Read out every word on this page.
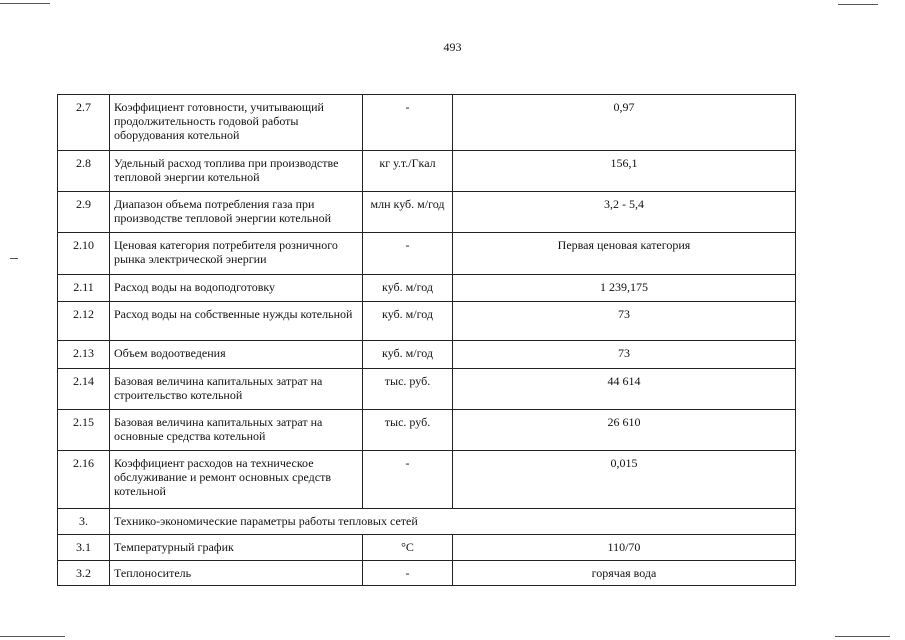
493
2.7	Коэффициент готовности, учитывающий продолжительность годовой работы оборудования котельной	-	0,97
2.8	Удельный расход топлива при производстве тепловой энергии котельной	кг у.т./Гкал	156,1
2.9	Диапазон объема потребления газа при производстве тепловой энергии котельной	млн куб. м/год	3,2 - 5,4
2.10	Ценовая категория потребителя розничного рынка электрической энергии	-	Первая ценовая категория
2.11	Расход воды на водоподготовку	куб. м/год	1 239,175
2.12	Расход воды на собственные нужды котельной	куб. м/год	73
2.13	Объем водоотведения	куб. м/год	73
2.14	Базовая величина капитальных затрат на строительство котельной	тыс. руб.	44 614
2.15	Базовая величина капитальных затрат на основные средства котельной	тыс. руб.	26 610
2.16	Коэффициент расходов на техническое обслуживание и ремонт основных средств котельной	-	0,015
3.	Технико-экономические параметры работы тепловых сетей		
3.1	Температурный график	°С	110/70
3.2	Теплоноситель	-	горячая вода
